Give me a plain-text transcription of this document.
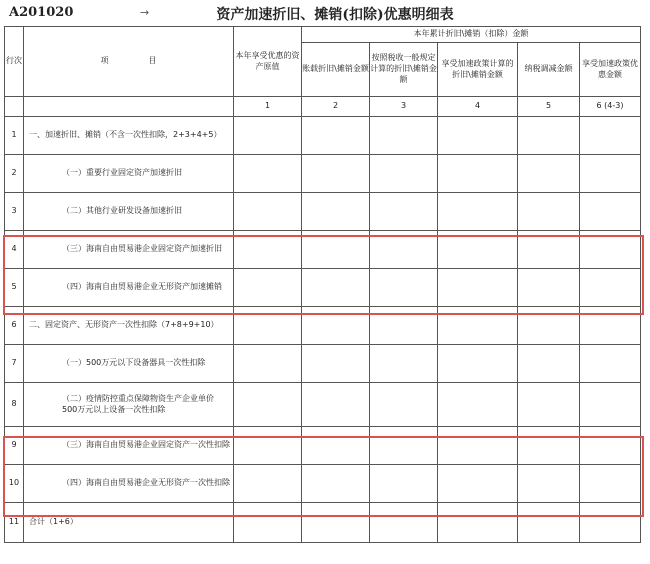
A201020	→	资产加速折旧、摊销(扣除)优惠明细表
行次	项　　　　　目	本年享受优惠的资产原值	本年累计折旧\摊销（扣除）金额				
			账载折旧\摊销金额	按照税收一般规定计算的折旧\摊销金额	享受加速政策计算的折旧\摊销金额	纳税调减金额	享受加速政策优惠金额
		1	2	3	4	5	6 (4-3)
1	一、加速折旧、摊销（不含一次性扣除，2+3+4+5）						
2	（一）重要行业固定资产加速折旧						
3	（二）其他行业研发设备加速折旧						
4	（三）海南自由贸易港企业固定资产加速折旧						
5	（四）海南自由贸易港企业无形资产加速摊销						
6	二、固定资产、无形资产一次性扣除（7+8+9+10）						
7	（一）500万元以下设备器具一次性扣除						
8	（二）疫情防控重点保障物资生产企业单价500万元以上设备一次性扣除						
9	（三）海南自由贸易港企业固定资产一次性扣除						
10	（四）海南自由贸易港企业无形资产一次性扣除						
11	合计（1+6）						
